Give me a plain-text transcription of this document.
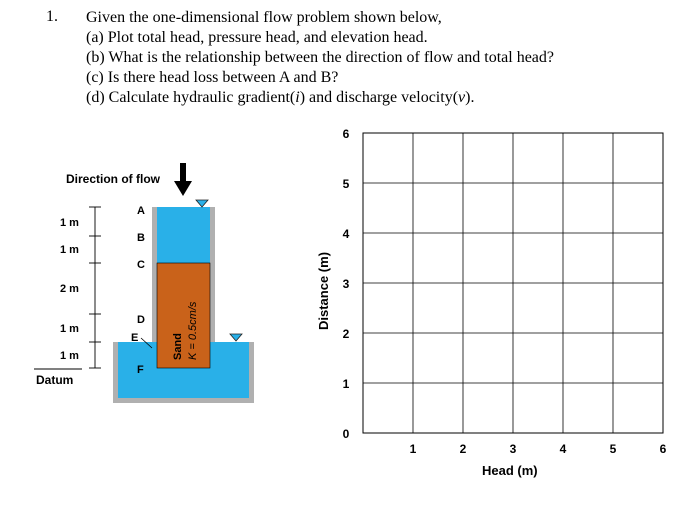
1. Given the one-dimensional flow problem shown below,
(a) Plot total head, pressure head, and elevation head.
(b) What is the relationship between the direction of flow and total head?
(c) Is there head loss between A and B?
(d) Calculate hydraulic gradient(i) and discharge velocity(v).
Direction of flow
Sand K = 0.5cm/s
A
B
C
D
E
F
1 m
1 m
2 m
1 m
1 m
Datum
6
5
4
3
2
1
0
1	2	3	4	5	6
Distance (m)
Head (m)
